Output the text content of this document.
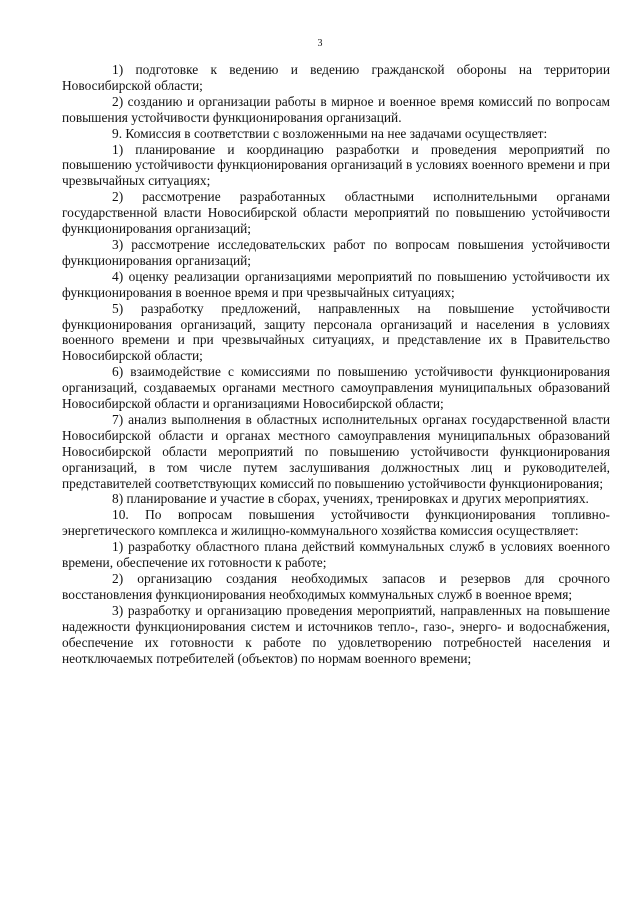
3

1) подготовке к ведению и ведению гражданской обороны на территории Новосибирской области;

2) созданию и организации работы в мирное и военное время комиссий по вопросам повышения устойчивости функционирования организаций.

9. Комиссия в соответствии с возложенными на нее задачами осуществляет:

1) планирование и координацию разработки и проведения мероприятий по повышению устойчивости функционирования организаций в условиях военного времени и при чрезвычайных ситуациях;

2) рассмотрение разработанных областными исполнительными органами государственной власти Новосибирской области мероприятий по повышению устойчивости функционирования организаций;

3) рассмотрение исследовательских работ по вопросам повышения устойчивости функционирования организаций;

4) оценку реализации организациями мероприятий по повышению устойчивости их функционирования в военное время и при чрезвычайных ситуациях;

5) разработку предложений, направленных на повышение устойчивости функционирования организаций, защиту персонала организаций и населения в условиях военного времени и при чрезвычайных ситуациях, и представление их в Правительство Новосибирской области;

6) взаимодействие с комиссиями по повышению устойчивости функционирования организаций, создаваемых органами местного самоуправления муниципальных образований Новосибирской области и организациями Новосибирской области;

7) анализ выполнения в областных исполнительных органах государственной власти Новосибирской области и органах местного самоуправления муниципальных образований Новосибирской области мероприятий по повышению устойчивости функционирования организаций, в том числе путем заслушивания должностных лиц и руководителей, представителей соответствующих комиссий по повышению устойчивости функционирования;

8) планирование и участие в сборах, учениях, тренировках и других мероприятиях.

10. По вопросам повышения устойчивости функционирования топливно-энергетического комплекса и жилищно-коммунального хозяйства комиссия осуществляет:

1) разработку областного плана действий коммунальных служб в условиях военного времени, обеспечение их готовности к работе;

2) организацию создания необходимых запасов и резервов для срочного восстановления функционирования необходимых коммунальных служб в военное время;

3) разработку и организацию проведения мероприятий, направленных на повышение надежности функционирования систем и источников тепло-, газо-, энерго- и водоснабжения, обеспечение их готовности к работе по удовлетворению потребностей населения и неотключаемых потребителей (объектов) по нормам военного времени;
